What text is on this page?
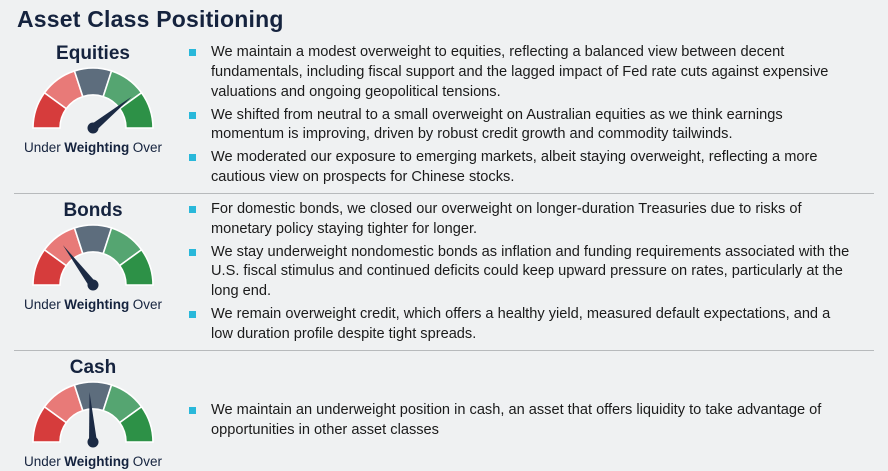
Asset Class Positioning
Equities
Under Weighting Over
We maintain a modest overweight to equities, reflecting a balanced view between decent fundamentals, including fiscal support and the lagged impact of Fed rate cuts against expensive valuations and ongoing geopolitical tensions.
We shifted from neutral to a small overweight on Australian equities as we think earnings momentum is improving, driven by robust credit growth and commodity tailwinds.
We moderated our exposure to emerging markets, albeit staying overweight, reflecting a more cautious view on prospects for Chinese stocks.
Bonds
Under Weighting Over
For domestic bonds, we closed our overweight on longer-duration Treasuries due to risks of monetary policy staying tighter for longer.
We stay underweight nondomestic bonds as inflation and funding requirements associated with the U.S. fiscal stimulus and continued deficits could keep upward pressure on rates, particularly at the long end.
We remain overweight credit, which offers a healthy yield, measured default expectations, and a low duration profile despite tight spreads.
Cash
Under Weighting Over
We maintain an underweight position in cash, an asset that offers liquidity to take advantage of opportunities in other asset classes
